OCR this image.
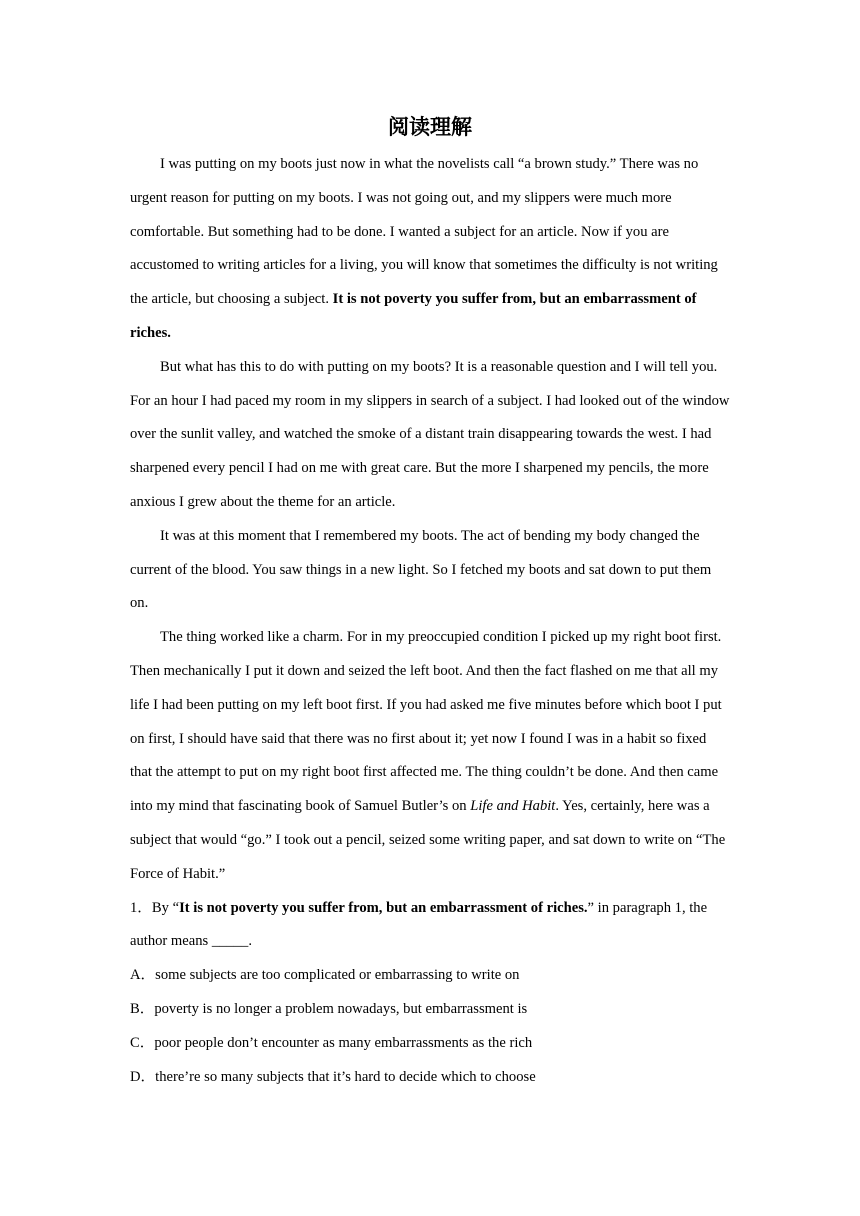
阅读理解

I was putting on my boots just now in what the novelists call “a brown study.” There was no urgent reason for putting on my boots. I was not going out, and my slippers were much more comfortable. But something had to be done. I wanted a subject for an article. Now if you are accustomed to writing articles for a living, you will know that sometimes the difficulty is not writing the article, but choosing a subject. It is not poverty you suffer from, but an embarrassment of riches.

But what has this to do with putting on my boots? It is a reasonable question and I will tell you. For an hour I had paced my room in my slippers in search of a subject. I had looked out of the window over the sunlit valley, and watched the smoke of a distant train disappearing towards the west. I had sharpened every pencil I had on me with great care. But the more I sharpened my pencils, the more anxious I grew about the theme for an article.

It was at this moment that I remembered my boots. The act of bending my body changed the current of the blood. You saw things in a new light. So I fetched my boots and sat down to put them on.

The thing worked like a charm. For in my preoccupied condition I picked up my right boot first. Then mechanically I put it down and seized the left boot. And then the fact flashed on me that all my life I had been putting on my left boot first. If you had asked me five minutes before which boot I put on first, I should have said that there was no first about it; yet now I found I was in a habit so fixed that the attempt to put on my right boot first affected me. The thing couldn’t be done. And then came into my mind that fascinating book of Samuel Butler’s on Life and Habit. Yes, certainly, here was a subject that would “go.” I took out a pencil, seized some writing paper, and sat down to write on “The Force of Habit.”

1．By “It is not poverty you suffer from, but an embarrassment of riches.” in paragraph 1, the author means _____.

A．some subjects are too complicated or embarrassing to write on

B．poverty is no longer a problem nowadays, but embarrassment is

C．poor people don’t encounter as many embarrassments as the rich

D．there’re so many subjects that it’s hard to decide which to choose
